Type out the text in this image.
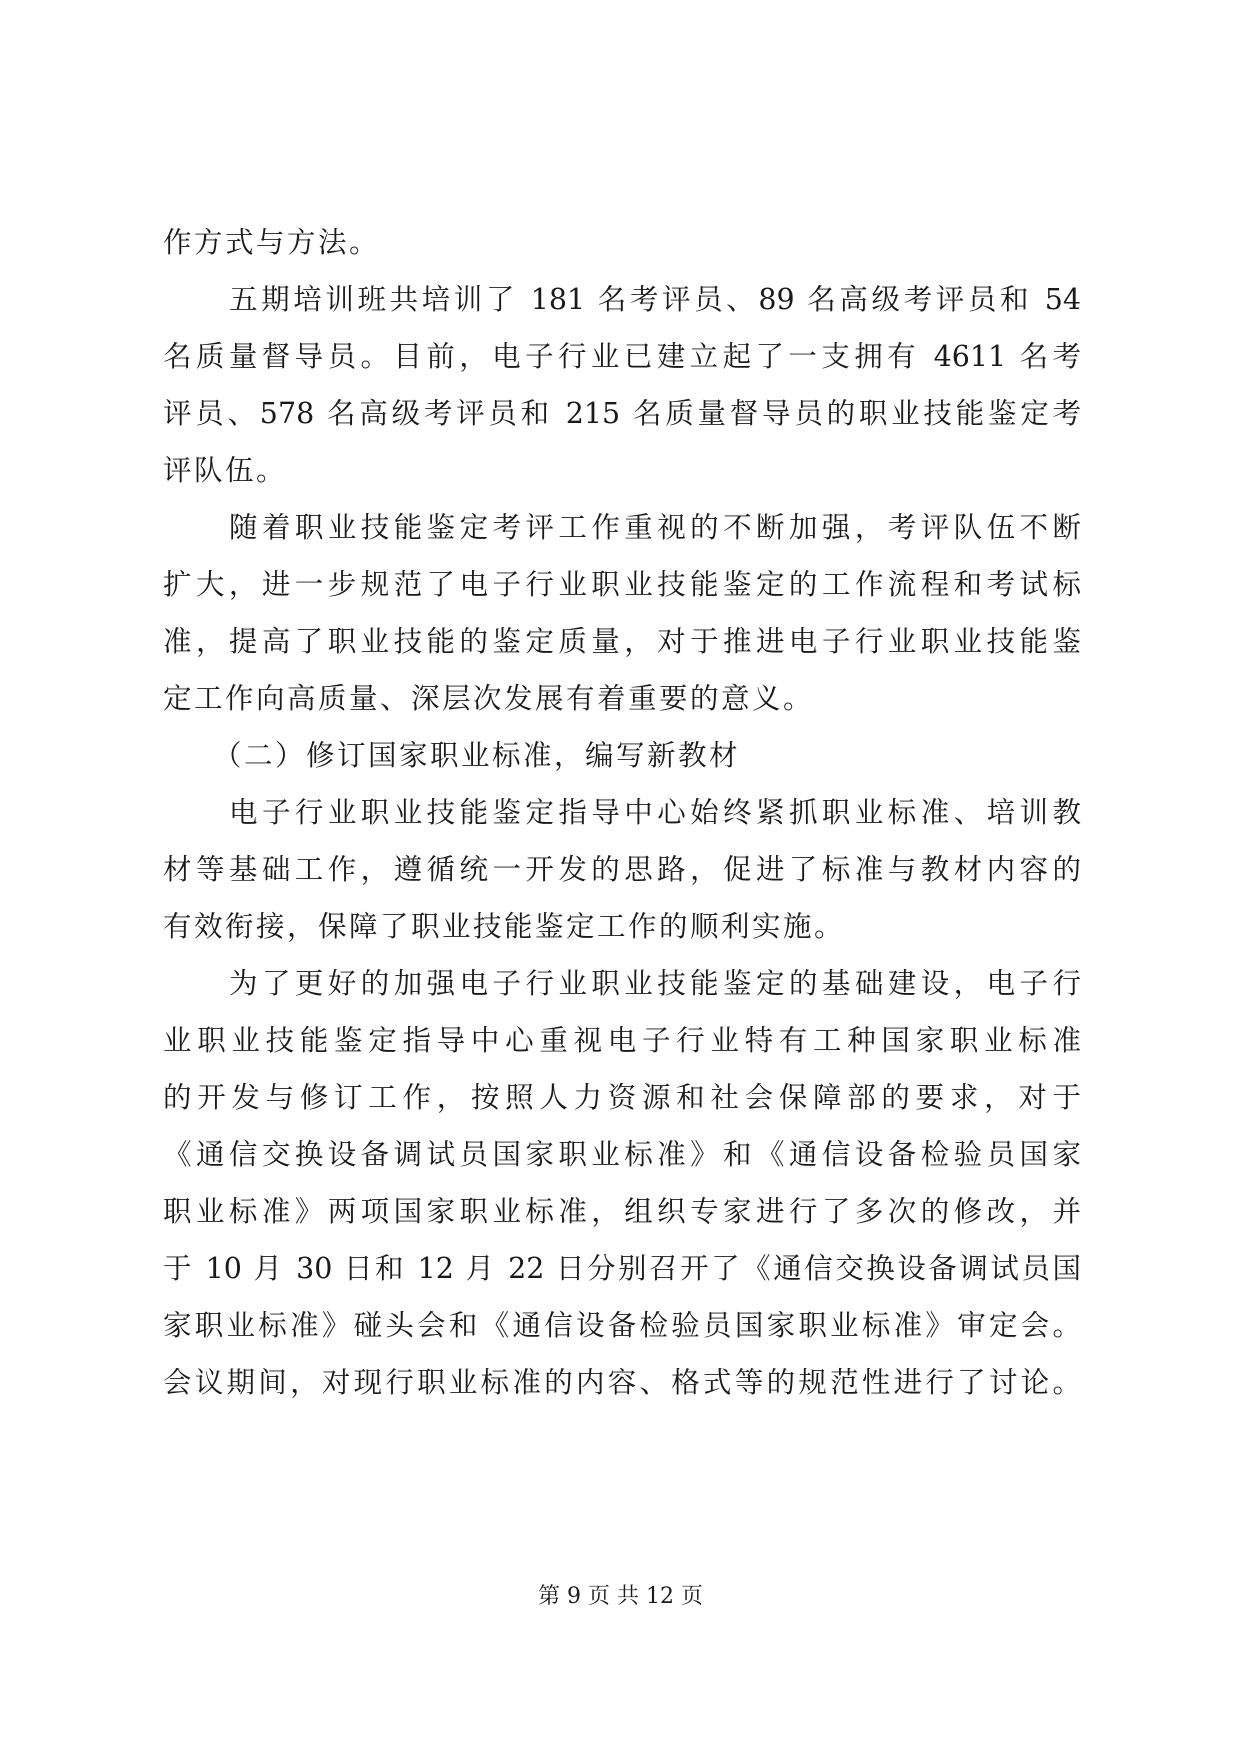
作方式与方法。
五期培训班共培训了 181 名考评员、89 名高级考评员和 54
名质量督导员。目前，电子行业已建立起了一支拥有 4611 名考
评员、578 名高级考评员和 215 名质量督导员的职业技能鉴定考
评队伍。
随着职业技能鉴定考评工作重视的不断加强，考评队伍不断
扩大，进一步规范了电子行业职业技能鉴定的工作流程和考试标
准，提高了职业技能的鉴定质量，对于推进电子行业职业技能鉴
定工作向高质量、深层次发展有着重要的意义。
（二）修订国家职业标准，编写新教材
电子行业职业技能鉴定指导中心始终紧抓职业标准、培训教
材等基础工作，遵循统一开发的思路，促进了标准与教材内容的
有效衔接，保障了职业技能鉴定工作的顺利实施。
为了更好的加强电子行业职业技能鉴定的基础建设，电子行
业职业技能鉴定指导中心重视电子行业特有工种国家职业标准
的开发与修订工作，按照人力资源和社会保障部的要求，对于
《通信交换设备调试员国家职业标准》和《通信设备检验员国家
职业标准》两项国家职业标准，组织专家进行了多次的修改，并
于 10 月 30 日和 12 月 22 日分别召开了《通信交换设备调试员国
家职业标准》碰头会和《通信设备检验员国家职业标准》审定会。
会议期间，对现行职业标准的内容、格式等的规范性进行了讨论。
第 9 页 共 12 页
